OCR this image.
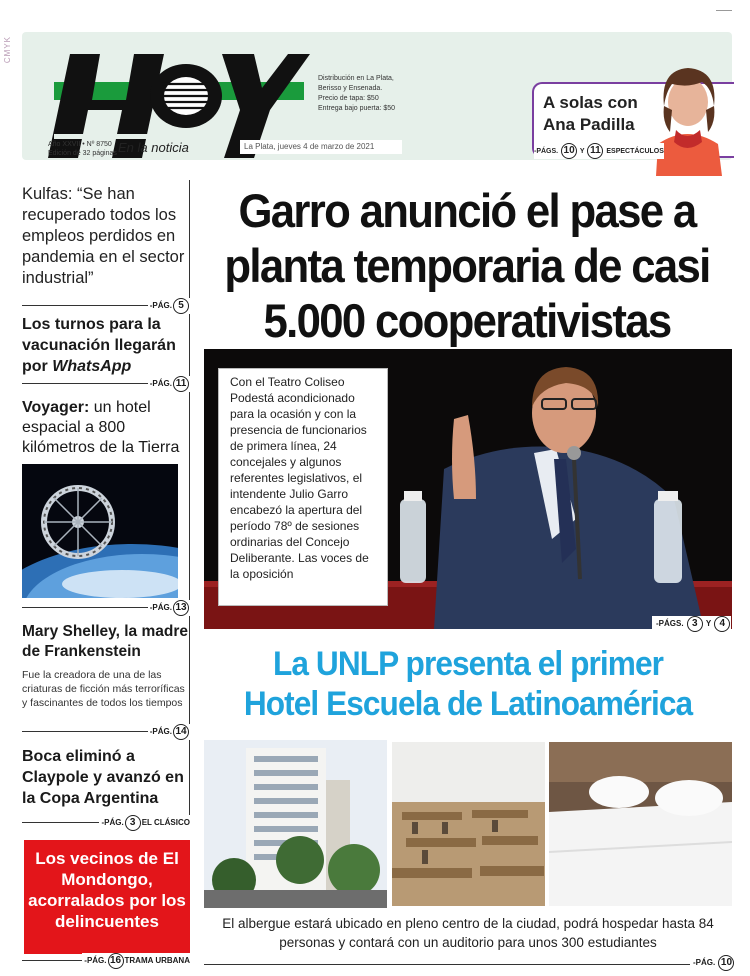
CMYK
Año XXVII • Nº 8750
Edición de 32 páginas En la noticia
Distribución en La Plata,
Berisso y Ensenada.
Precio de tapa: $50
Entrega bajo puerta: $50
La Plata, jueves 4 de marzo de 2021
A solas con
Ana Padilla
-PÁGS. 10 Y 11 ESPECTÁCULOS
Kulfas: “Se han recuperado todos los empleos perdidos en pandemia en el sector industrial”
-PÁG. 5
Los turnos para la vacunación llegarán por WhatsApp
-PÁG. 11
Voyager: un hotel espacial a 800 kilómetros de la Tierra
-PÁG. 13
Mary Shelley, la madre de Frankenstein
Fue la creadora de una de las criaturas de ficción más terroríficas y fascinantes de todos los tiempos
-PÁG. 14
Boca eliminó a Claypole y avanzó en la Copa Argentina
-PÁG. 3 EL CLÁSICO
Los vecinos de El Mondongo, acorralados por los delincuentes
-PÁG. 16 TRAMA URBANA
Garro anunció el pase a planta temporaria de casi 5.000 cooperativistas
Con el Teatro Coliseo Podestá acondicionado para la ocasión y con la presencia de funcionarios de primera línea, 24 concejales y algunos referentes legislativos, el intendente Julio Garro encabezó la apertura del período 78º de sesiones ordinarias del Concejo Deliberante. Las voces de la oposición
-PÁGS. 3 Y 4
La UNLP presenta el primer
Hotel Escuela de Latinoamérica
El albergue estará ubicado en pleno centro de la ciudad, podrá hospedar hasta 84 personas y contará con un auditorio para unos 300 estudiantes
-PÁG. 10
